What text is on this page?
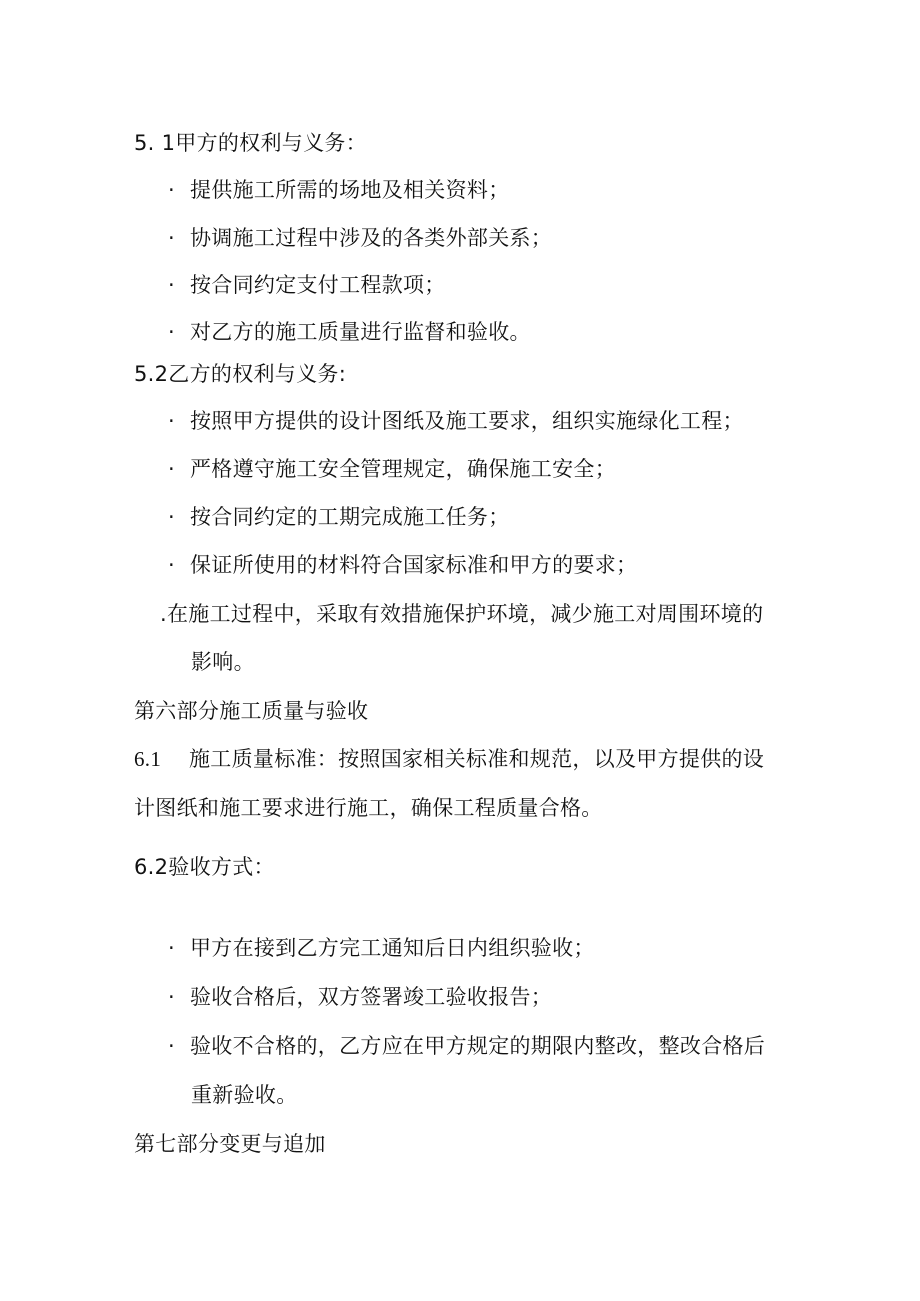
5. 1甲方的权利与义务：
· 提供施工所需的场地及相关资料；
· 协调施工过程中涉及的各类外部关系；
· 按合同约定支付工程款项；
· 对乙方的施工质量进行监督和验收。
5.2乙方的权利与义务:
· 按照甲方提供的设计图纸及施工要求，组织实施绿化工程；
· 严格遵守施工安全管理规定，确保施工安全；
· 按合同约定的工期完成施工任务；
· 保证所使用的材料符合国家标准和甲方的要求；
.在施工过程中，采取有效措施保护环境，减少施工对周围环境的
影响。
第六部分施工质量与验收
6.1 施工质量标准：按照国家相关标准和规范，以及甲方提供的设
计图纸和施工要求进行施工，确保工程质量合格。
6.2验收方式：
· 甲方在接到乙方完工通知后日内组织验收；
· 验收合格后，双方签署竣工验收报告；
· 验收不合格的，乙方应在甲方规定的期限内整改，整改合格后
重新验收。
第七部分变更与追加
